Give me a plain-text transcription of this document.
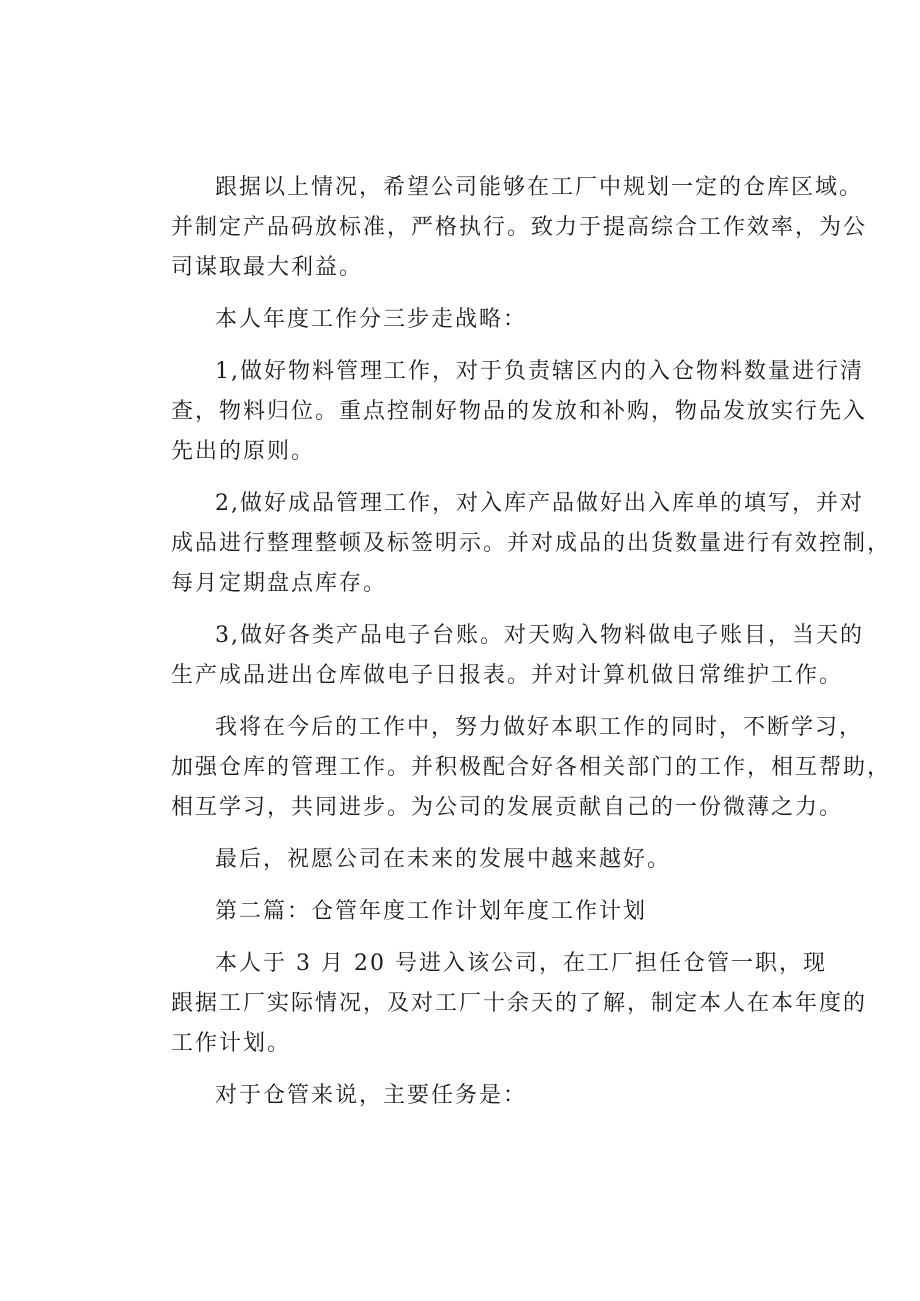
跟据以上情况，希望公司能够在工厂中规划一定的仓库区域。
并制定产品码放标准，严格执行。致力于提高综合工作效率，为公
司谋取最大利益。
本人年度工作分三步走战略：
1,做好物料管理工作，对于负责辖区内的入仓物料数量进行清
查，物料归位。重点控制好物品的发放和补购，物品发放实行先入
先出的原则。
2,做好成品管理工作，对入库产品做好出入库单的填写，并对
成品进行整理整顿及标签明示。并对成品的出货数量进行有效控制，
每月定期盘点库存。
3,做好各类产品电子台账。对天购入物料做电子账目，当天的
生产成品进出仓库做电子日报表。并对计算机做日常维护工作。
我将在今后的工作中，努力做好本职工作的同时，不断学习，
加强仓库的管理工作。并积极配合好各相关部门的工作，相互帮助，
相互学习，共同进步。为公司的发展贡献自己的一份微薄之力。
最后，祝愿公司在未来的发展中越来越好。
第二篇：仓管年度工作计划年度工作计划
本人于 3 月 20 号进入该公司，在工厂担任仓管一职，现
跟据工厂实际情况，及对工厂十余天的了解，制定本人在本年度的
工作计划。
对于仓管来说，主要任务是：
